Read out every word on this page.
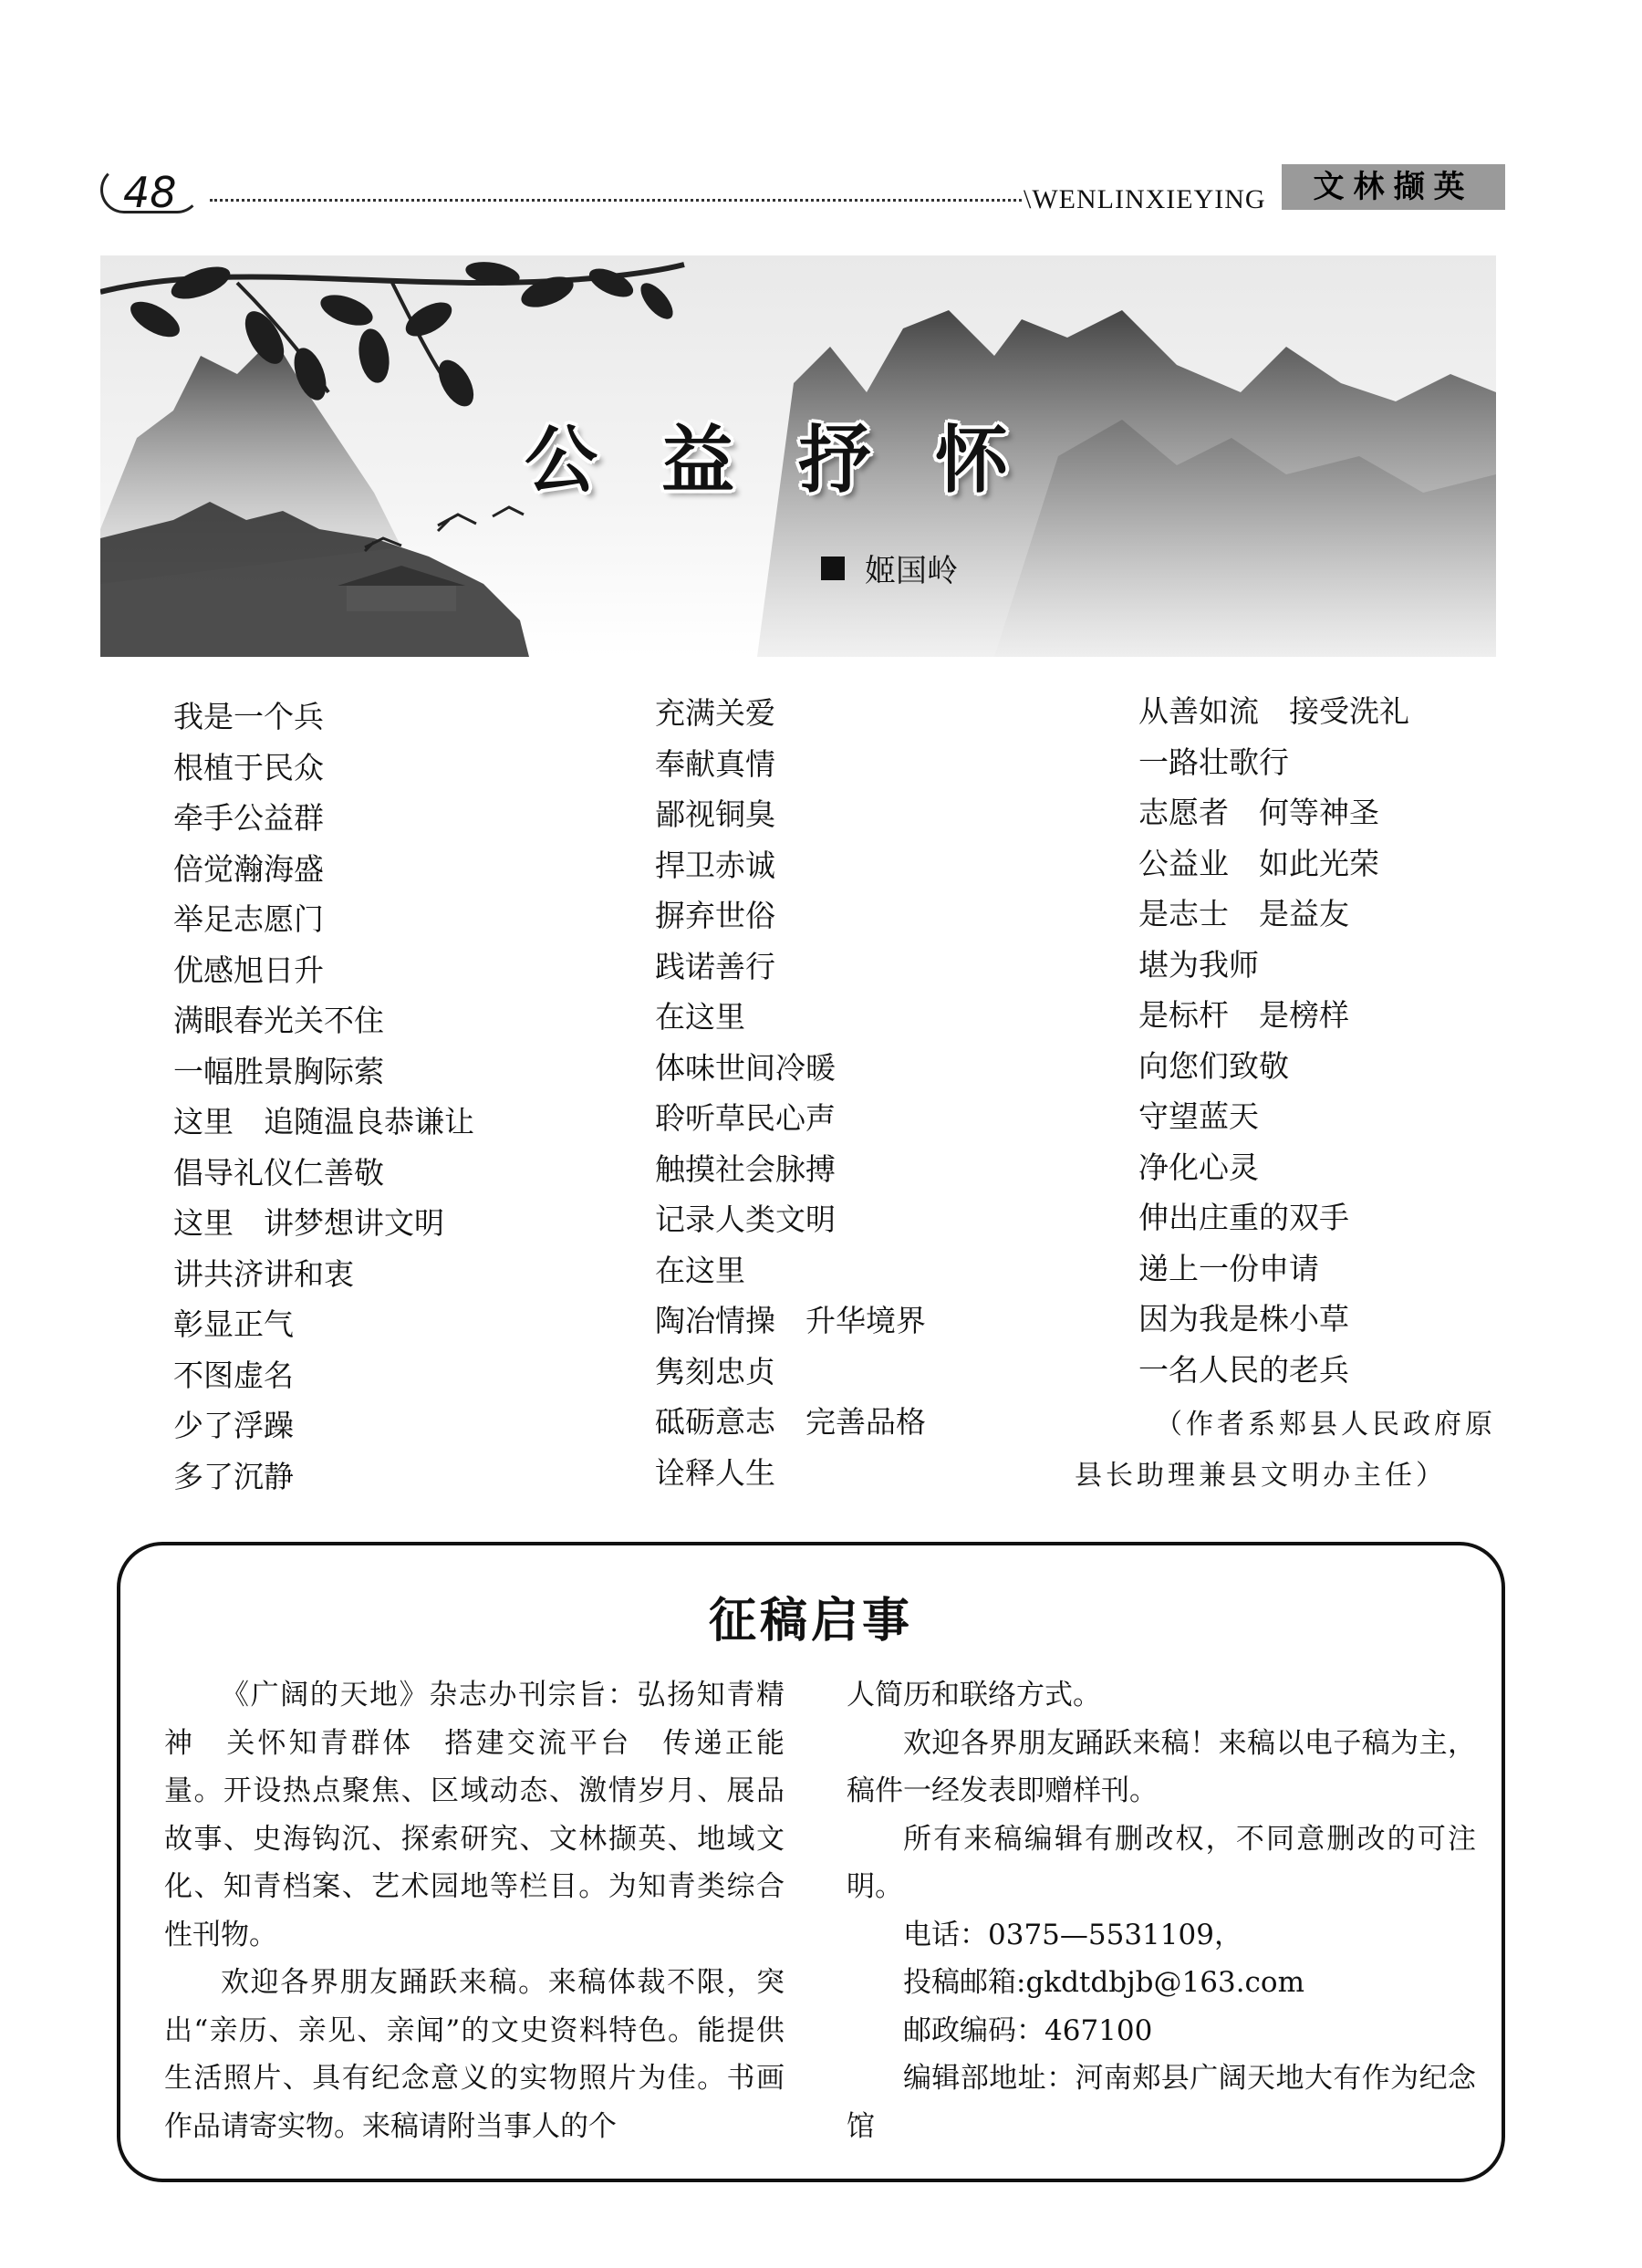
48	\WENLINXIEYING	文林撷英
公益抒怀
姬国岭
我是一个兵
根植于民众
牵手公益群
倍觉瀚海盛
举足志愿门
优感旭日升
满眼春光关不住
一幅胜景胸际萦
这里　追随温良恭谦让
倡导礼仪仁善敬
这里　讲梦想讲文明
讲共济讲和衷
彰显正气
不图虚名
少了浮躁
多了沉静
充满关爱
奉献真情
鄙视铜臭
捍卫赤诚
摒弃世俗
践诺善行
在这里
体味世间冷暖
聆听草民心声
触摸社会脉搏
记录人类文明
在这里
陶冶情操　升华境界
隽刻忠贞
砥砺意志　完善品格
诠释人生
从善如流　接受洗礼
一路壮歌行
志愿者　何等神圣
公益业　如此光荣
是志士　是益友
堪为我师
是标杆　是榜样
向您们致敬
守望蓝天
净化心灵
伸出庄重的双手
递上一份申请
因为我是株小草
一名人民的老兵
（作者系郏县人民政府原
县长助理兼县文明办主任）
征稿启事

《广阔的天地》杂志办刊宗旨：弘扬知青精神　关怀知青群体　搭建交流平台　传递正能量。开设热点聚焦、区域动态、激情岁月、展品故事、史海钩沉、探索研究、文林撷英、地域文化、知青档案、艺术园地等栏目。为知青类综合性刊物。

欢迎各界朋友踊跃来稿。来稿体裁不限，突出“亲历、亲见、亲闻”的文史资料特色。能提供生活照片、具有纪念意义的实物照片为佳。书画作品请寄实物。来稿请附当事人的个

人简历和联络方式。

欢迎各界朋友踊跃来稿！来稿以电子稿为主，稿件一经发表即赠样刊。

所有来稿编辑有删改权，不同意删改的可注明。

电话：0375—5531109，

投稿邮箱:gkdtdbjb@163.com

邮政编码：467100

编辑部地址：河南郏县广阔天地大有作为纪念馆
